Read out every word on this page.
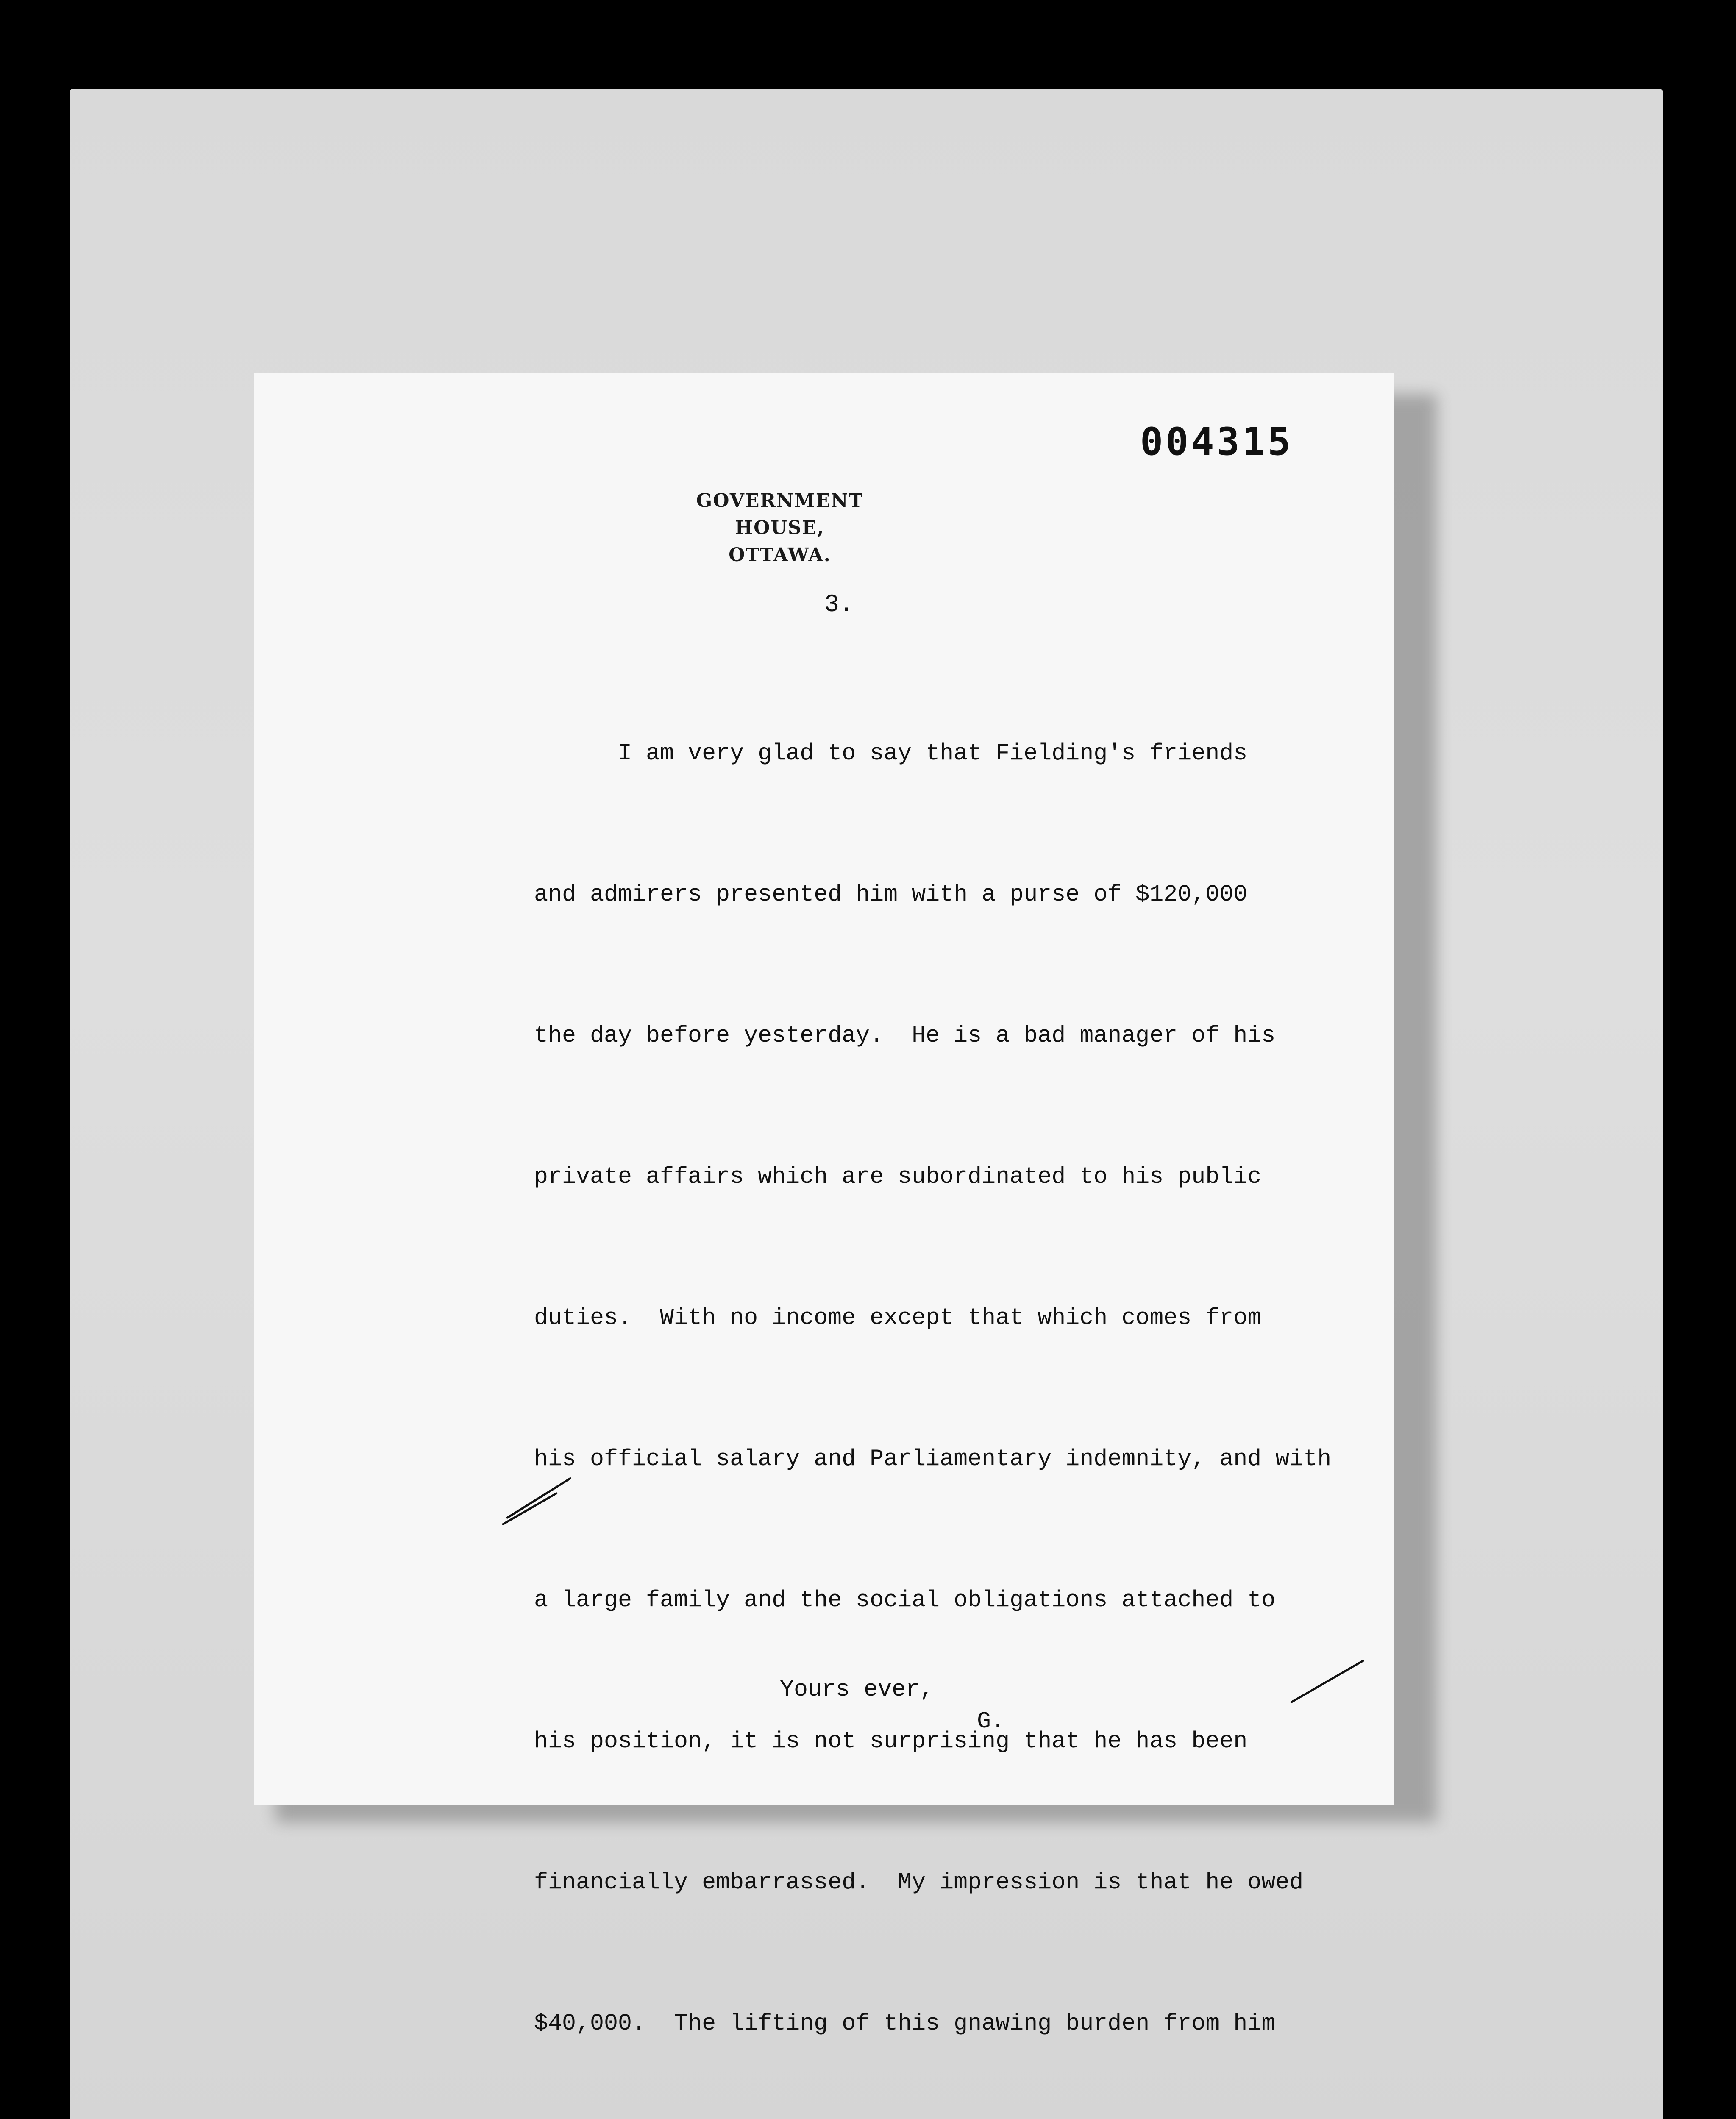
004315
GOVERNMENT HOUSE,
OTTAWA.
3.

I am very glad to say that Fielding's friends

and admirers presented him with a purse of $120,000

the day before yesterday.  He is a bad manager of his

private affairs which are subordinated to his public

duties.  With no income except that which comes from

his official salary and Parliamentary indemnity, and with

a large family and the social obligations attached to

his position, it is not surprising that he has been

financially embarrassed.  My impression is that he owed

$40,000.  The lifting of this gnawing burden from him

Yours ever,
G.
